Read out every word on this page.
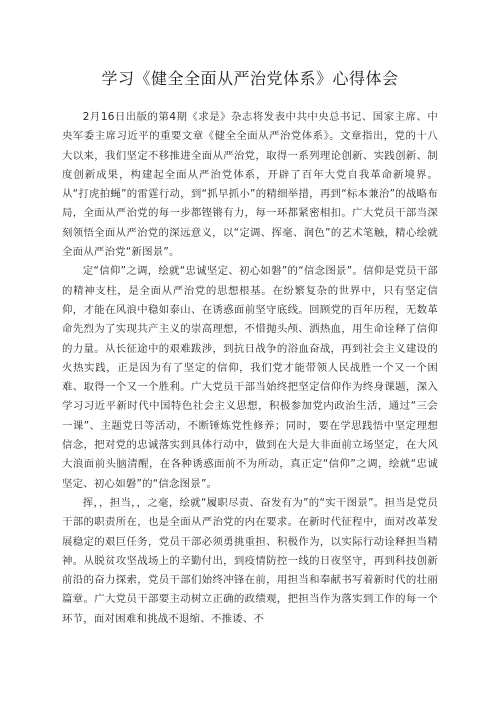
学习《健全全面从严治党体系》心得体会

2月16日出版的第4期《求是》杂志将发表中共中央总书记、国家主席、中央军委主席习近平的重要文章《健全全面从严治党体系》。文章指出，党的十八大以来，我们坚定不移推进全面从严治党，取得一系列理论创新、实践创新、制度创新成果，构建起全面从严治党体系，开辟了百年大党自我革命新境界。从“打虎拍蝇”的雷霆行动，到“抓早抓小”的精细举措，再到“标本兼治”的战略布局，全面从严治党的每一步都铿锵有力，每一环都紧密相扣。广大党员干部当深刻领悟全面从严治党的深远意义，以“定调、挥毫、润色”的艺术笔触，精心绘就全面从严治党“新图景”。

定“信仰”之调，绘就“忠诚坚定、初心如磐”的“信念图景”。信仰是党员干部的精神支柱，是全面从严治党的思想根基。在纷繁复杂的世界中，只有坚定信仰，才能在风浪中稳如泰山、在诱惑面前坚守底线。回顾党的百年历程，无数革命先烈为了实现共产主义的崇高理想，不惜抛头颅、洒热血，用生命诠释了信仰的力量。从长征途中的艰难跋涉，到抗日战争的浴血奋战，再到社会主义建设的火热实践，正是因为有了坚定的信仰，我们党才能带领人民战胜一个又一个困难、取得一个又一个胜利。广大党员干部当始终把坚定信仰作为终身课题，深入学习习近平新时代中国特色社会主义思想，积极参加党内政治生活，通过“三会一课”、主题党日等活动，不断锤炼党性修养；同时，要在学思践悟中坚定理想信念，把对党的忠诚落实到具体行动中，做到在大是大非面前立场坚定，在大风大浪面前头脑清醒，在各种诱惑面前不为所动，真正定“信仰”之调，绘就“忠诚坚定、初心如磐”的“信念图景”。

挥，，担当，，之毫，绘就“履职尽责、奋发有为”的“实干图景”。担当是党员干部的职责所在，也是全面从严治党的内在要求。在新时代征程中，面对改革发展稳定的艰巨任务，党员干部必须勇挑重担、积极作为，以实际行动诠释担当精神。从脱贫攻坚战场上的辛勤付出，到疫情防控一线的日夜坚守，再到科技创新前沿的奋力探索，党员干部们始终冲锋在前，用担当和奉献书写着新时代的壮丽篇章。广大党员干部要主动树立正确的政绩观，把担当作为落实到工作的每一个环节，面对困难和挑战不退缩、不推诿、不
